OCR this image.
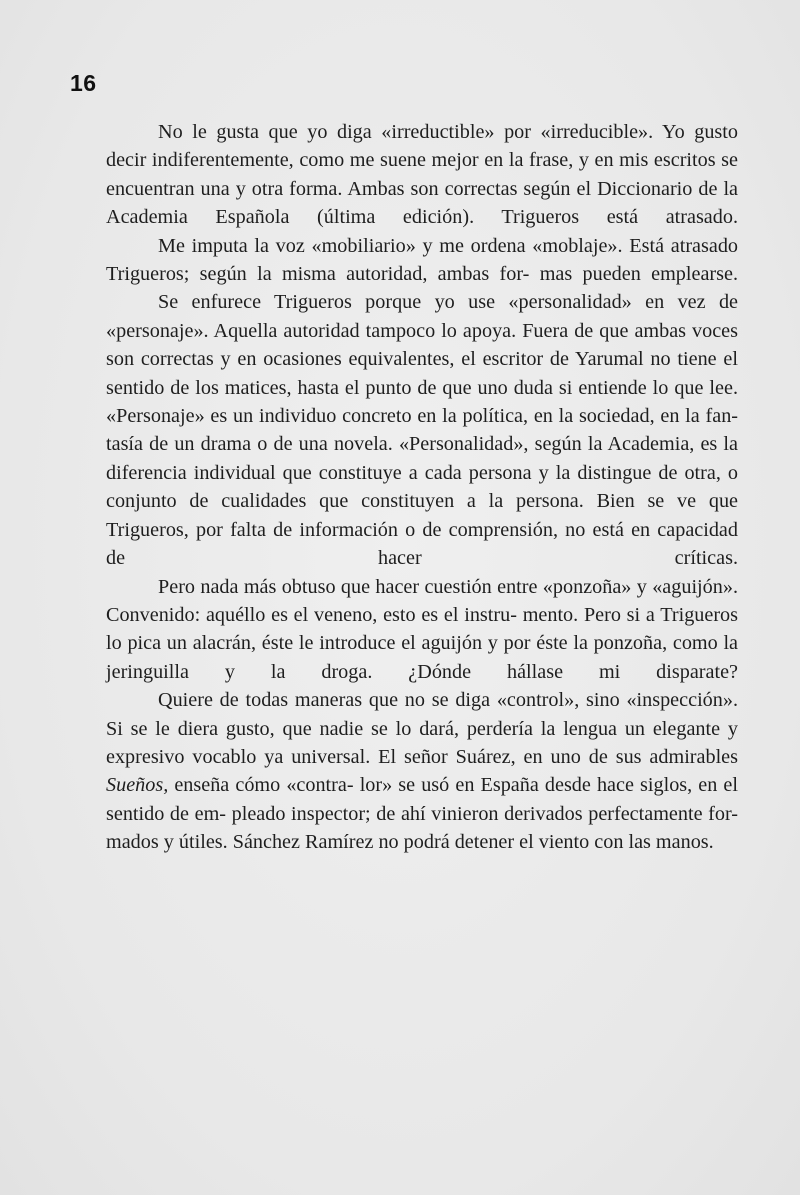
16

No le gusta que yo diga «irreductible» por «irreducible». Yo gusto decir indiferentemente, como me suene mejor en la frase, y en mis escritos se encuentran una y otra forma. Ambas son correctas según el Diccionario de la Academia Española (última edición). Trigueros está atrasado.

Me imputa la voz «mobiliario» y me ordena «moblaje». Está atrasado Trigueros; según la misma autoridad, ambas for- mas pueden emplearse.

Se enfurece Trigueros porque yo use «personalidad» en vez de «personaje». Aquella autoridad tampoco lo apoya. Fuera de que ambas voces son correctas y en ocasiones equivalentes, el escritor de Yarumal no tiene el sentido de los matices, hasta el punto de que uno duda si entiende lo que lee. «Personaje» es un individuo concreto en la política, en la sociedad, en la fan- tasía de un drama o de una novela. «Personalidad», según la Academia, es la diferencia individual que constituye a cada persona y la distingue de otra, o conjunto de cualidades que constituyen a la persona. Bien se ve que Trigueros, por falta de información o de comprensión, no está en capacidad de hacer	críticas.

Pero nada más obtuso que hacer cuestión entre «ponzoña» y «aguijón». Convenido: aquéllo es el veneno, esto es el instru- mento. Pero si a Trigueros lo pica un alacrán, éste le introduce el aguijón y por éste la ponzoña, como la jeringuilla y la droga. ¿Dónde hállase mi disparate?

Quiere de todas maneras que no se diga «control», sino «inspección». Si se le diera gusto, que nadie se lo dará, perdería la lengua un elegante y expresivo vocablo ya universal. El señor Suárez, en uno de sus admirables Sueños, enseña cómo «contra- lor» se usó en España desde hace siglos, en el sentido de em- pleado inspector; de ahí vinieron derivados perfectamente for- mados y útiles. Sánchez Ramírez no podrá detener el viento con las manos.
